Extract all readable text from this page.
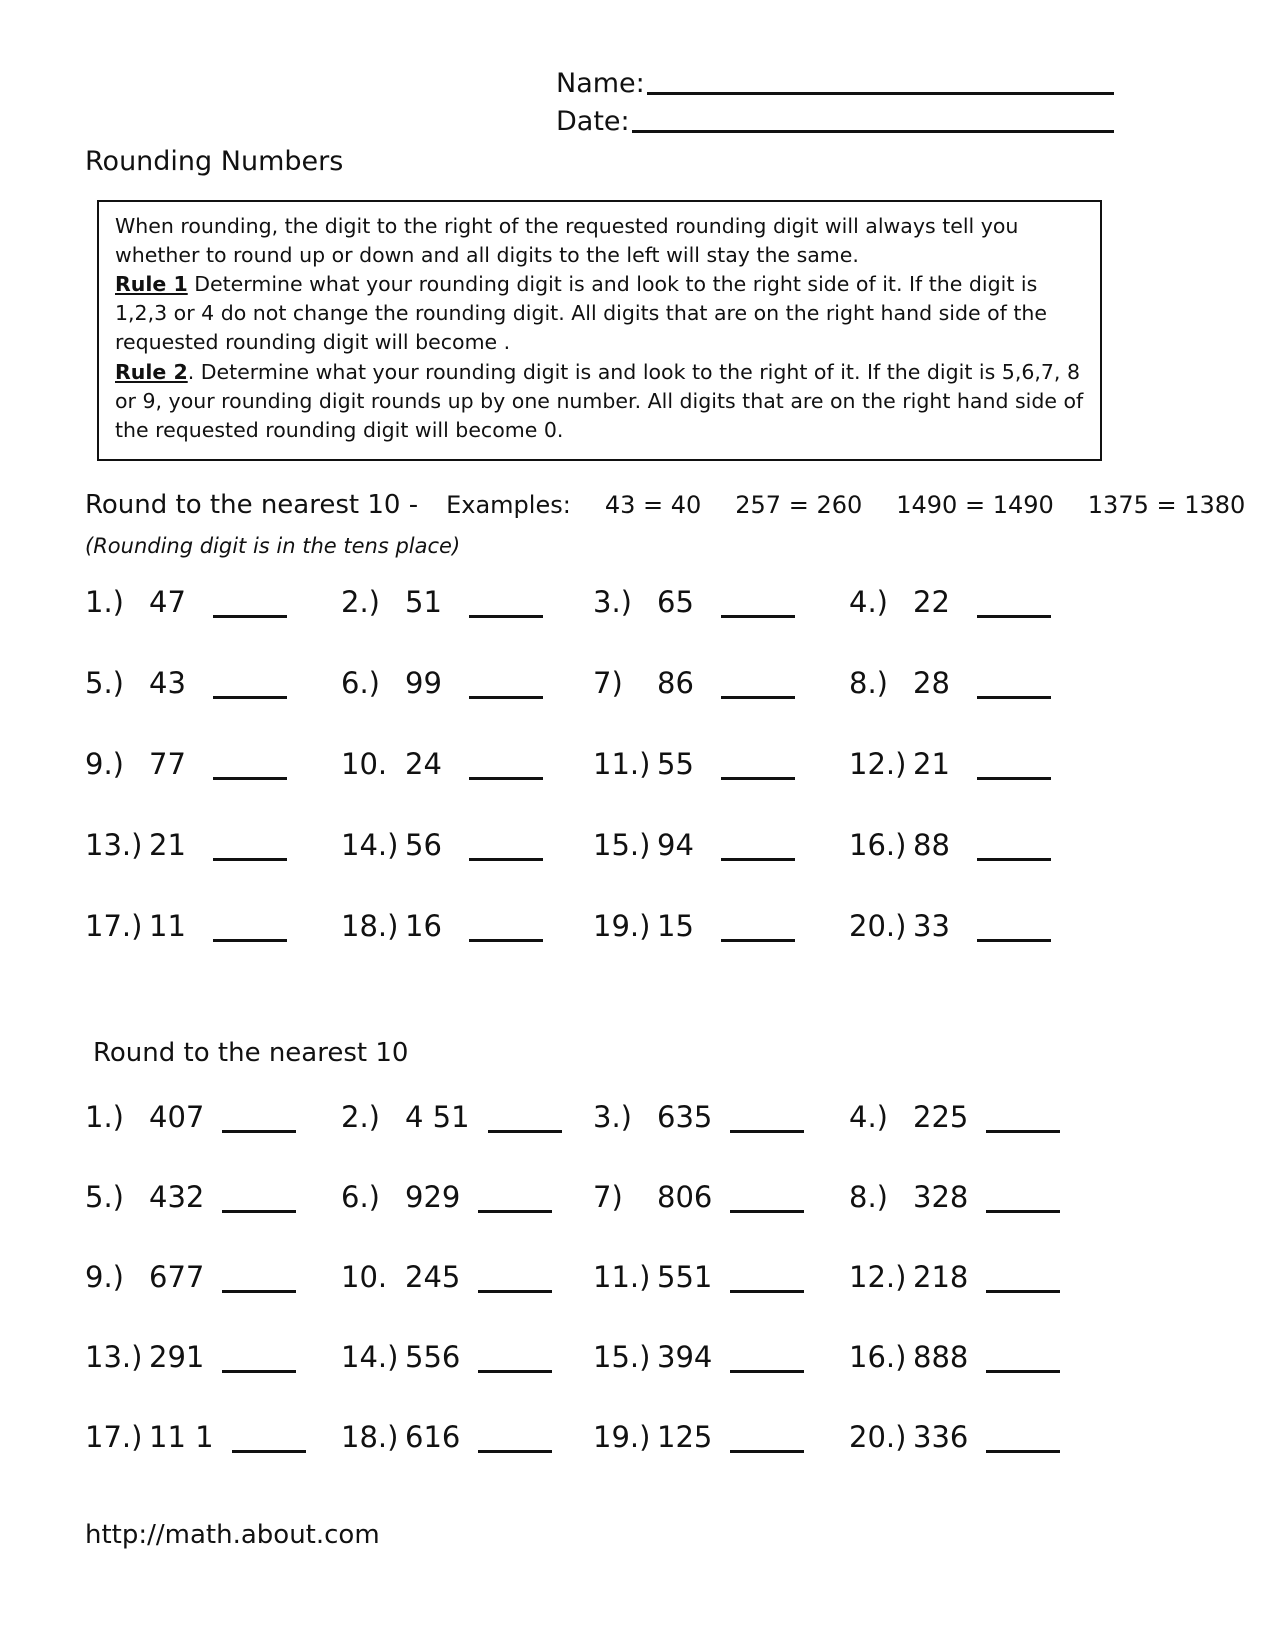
Name:
Date:
Rounding Numbers

When rounding, the digit to the right of the requested rounding digit will always tell you whether to round up or down and all digits to the left will stay the same.

Rule 1 Determine what your rounding digit is and look to the right side of it. If the digit is 1,2,3 or 4 do not change the rounding digit. All digits that are on the right hand side of the requested rounding digit will become .

Rule 2. Determine what your rounding digit is and look to the right of it. If the digit is 5,6,7, 8 or 9, your rounding digit rounds up by one number. All digits that are on the right hand side of the requested rounding digit will become 0.

Round to the nearest 10 - Examples: 43 = 40 257 = 260 1490 = 1490 1375 = 1380
(Rounding digit is in the tens place)
1.) 47	2.) 51	3.) 65	4.) 22
5.) 43	6.) 99	7)	86	8.) 28
9.) 77	10. 24	11.) 55	12.) 21
13.) 21	14.) 56	15.) 94	16.) 88
17.) 11	18.) 16	19.) 15	20.) 33
Round to the nearest 10
1.) 407	2.) 4 51	3.) 635	4.) 225
5.) 432	6.) 929	7)	806	8.) 328
9.) 677	10. 245	11.) 551	12.) 218
13.) 291	14.) 556	15.) 394	16.) 888
17.) 11 1	18.) 616	19.) 125	20.) 336
http://math.about.com
